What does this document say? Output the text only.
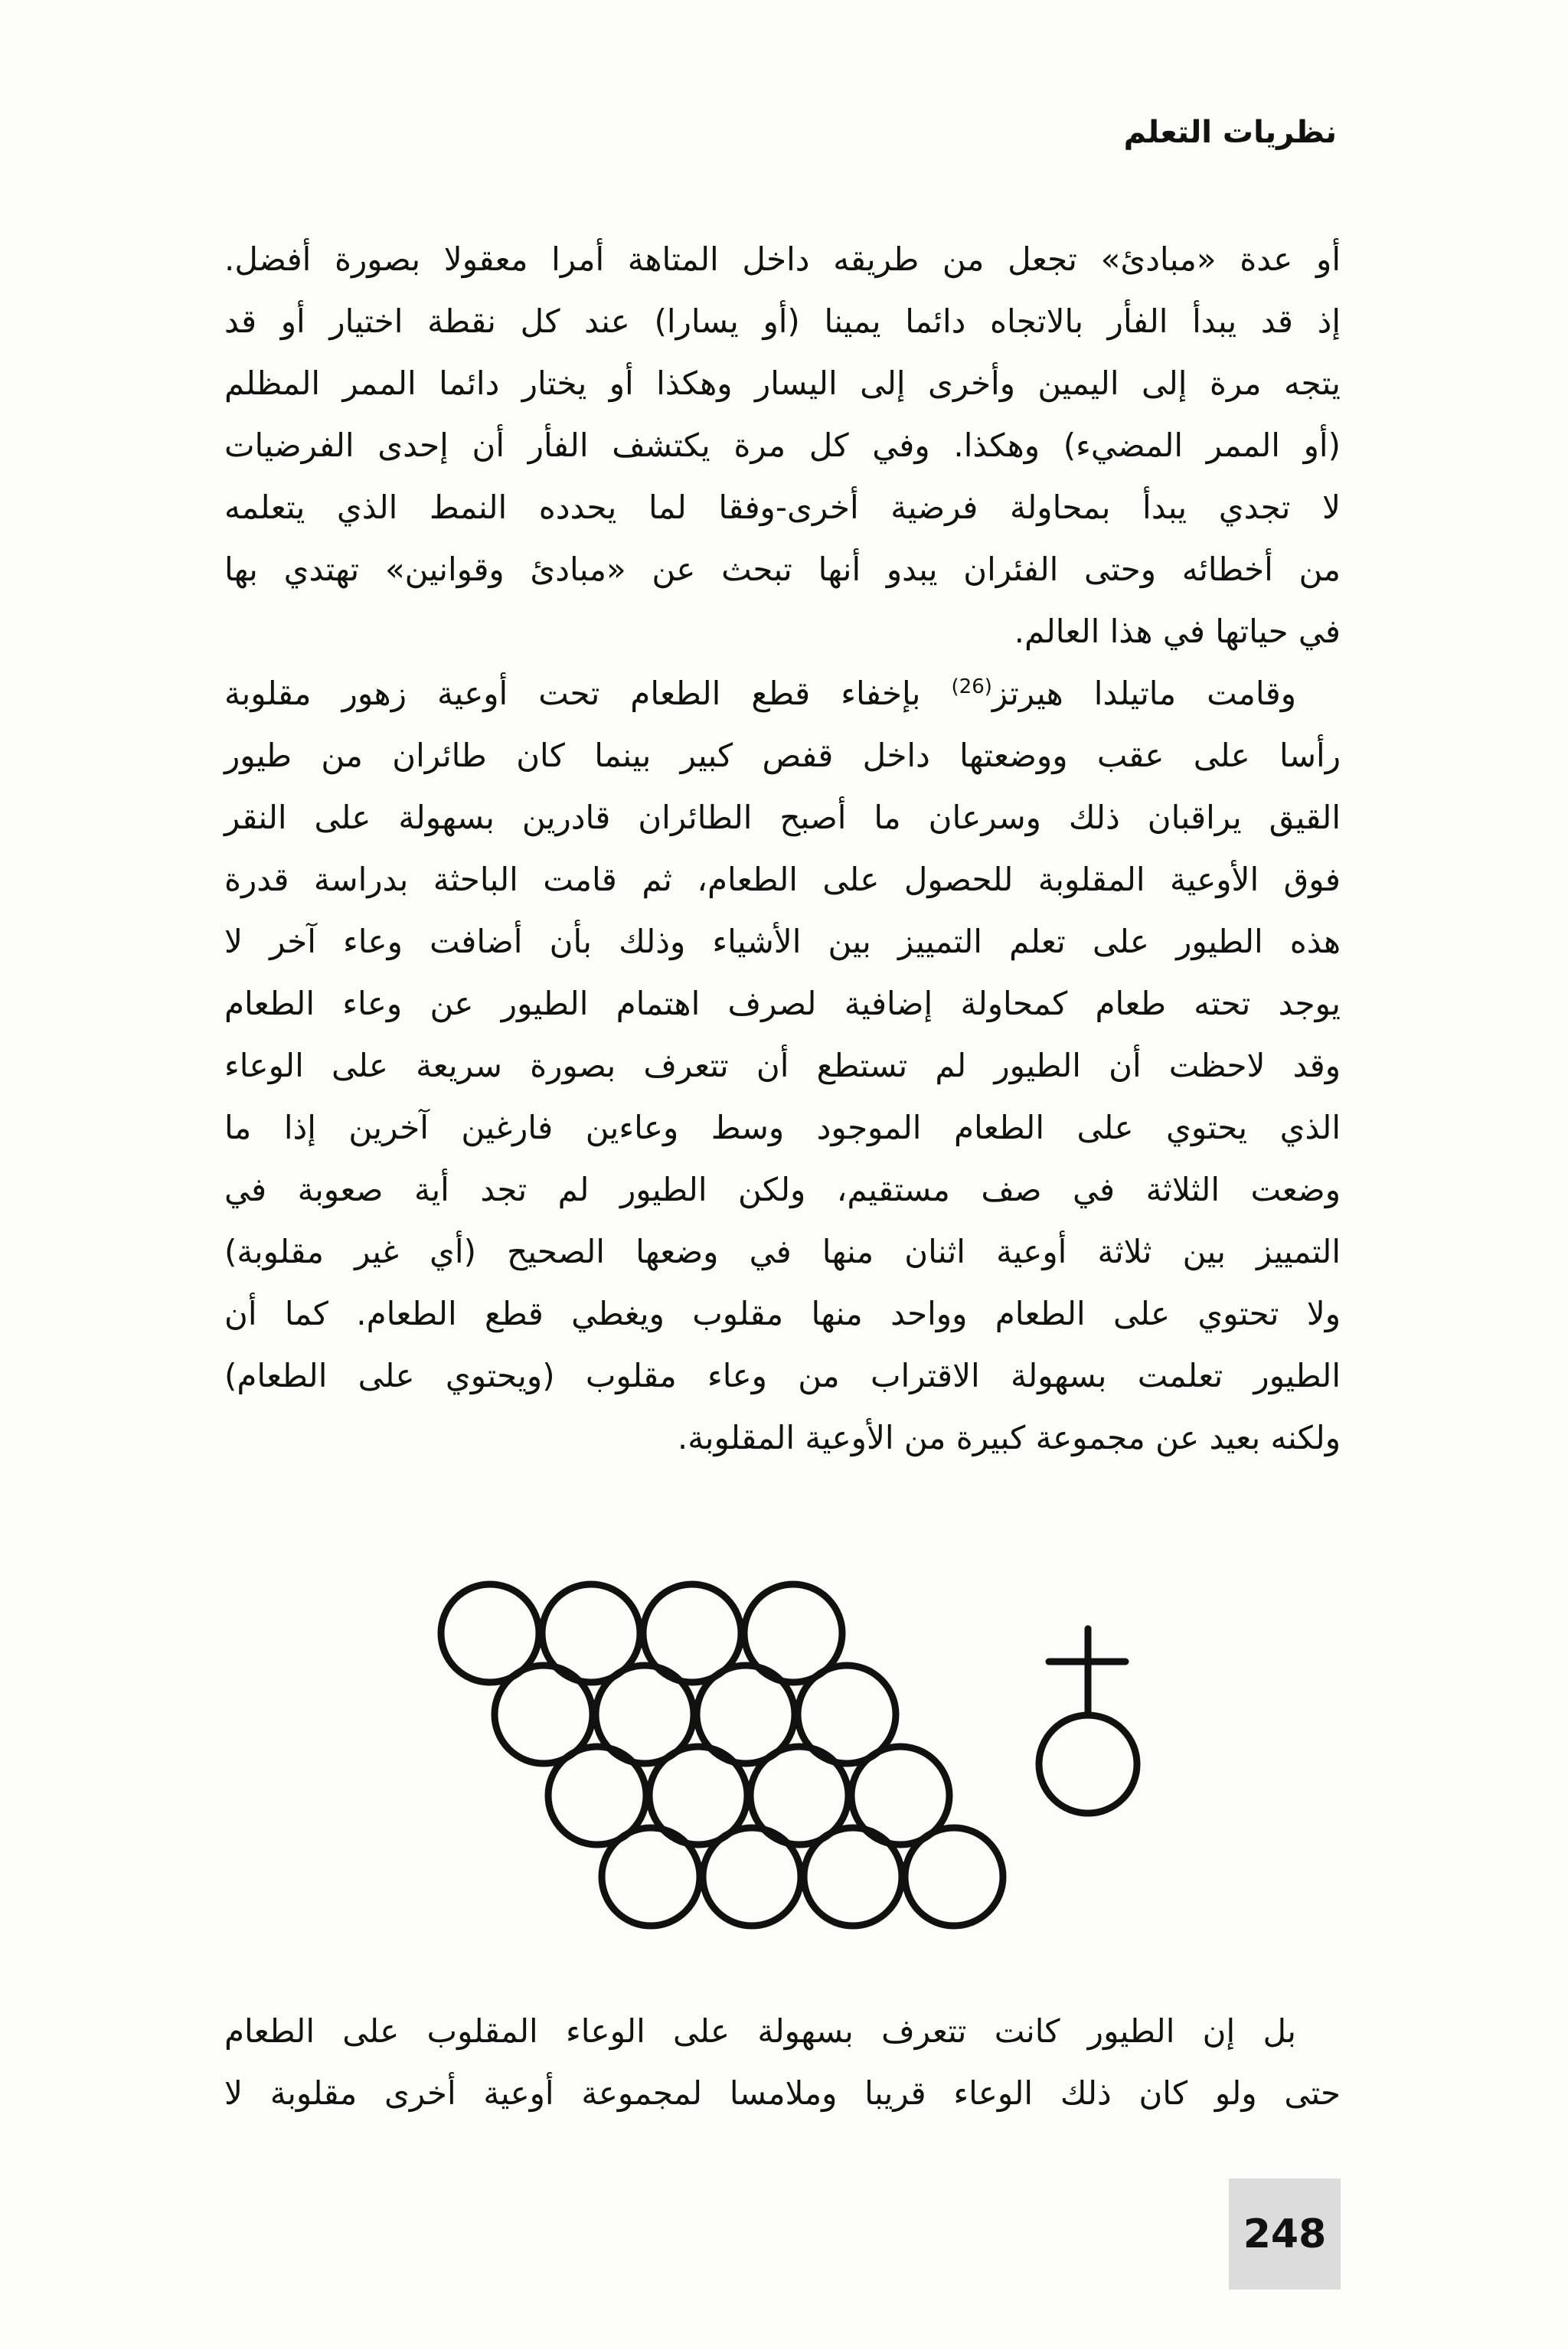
نظريات التعلم
أو عدة «مبادئ» تجعل من طريقه داخل المتاهة أمرا معقولا بصورة أفضل.
إذ قد يبدأ الفأر بالاتجاه دائما يمينا (أو يسارا) عند كل نقطة اختيار أو قد
يتجه مرة إلى اليمين وأخرى إلى اليسار وهكذا أو يختار دائما الممر المظلم
(أو الممر المضيء) وهكذا. وفي كل مرة يكتشف الفأر أن إحدى الفرضيات
لا تجدي يبدأ بمحاولة فرضية أخرى-وفقا لما يحدده النمط الذي يتعلمه
من أخطائه وحتى الفئران يبدو أنها تبحث عن «مبادئ وقوانين» تهتدي بها
في حياتها في هذا العالم.
وقامت ماتيلدا هيرتز$^{(26)}$ بإخفاء قطع الطعام تحت أوعية زهور مقلوبة
رأسا على عقب ووضعتها داخل قفص كبير بينما كان طائران من طيور
القيق يراقبان ذلك وسرعان ما أصبح الطائران قادرين بسهولة على النقر
فوق الأوعية المقلوبة للحصول على الطعام، ثم قامت الباحثة بدراسة قدرة
هذه الطيور على تعلم التمييز بين الأشياء وذلك بأن أضافت وعاء آخر لا
يوجد تحته طعام كمحاولة إضافية لصرف اهتمام الطيور عن وعاء الطعام
وقد لاحظت أن الطيور لم تستطع أن تتعرف بصورة سريعة على الوعاء
الذي يحتوي على الطعام الموجود وسط وعاءين فارغين آخرين إذا ما
وضعت الثلاثة في صف مستقيم، ولكن الطيور لم تجد أية صعوبة في
التمييز بين ثلاثة أوعية اثنان منها في وضعها الصحيح (أي غير مقلوبة)
ولا تحتوي على الطعام وواحد منها مقلوب ويغطي قطع الطعام. كما أن
الطيور تعلمت بسهولة الاقتراب من وعاء مقلوب (ويحتوي على الطعام)
ولكنه بعيد عن مجموعة كبيرة من الأوعية المقلوبة.
بل إن الطيور كانت تتعرف بسهولة على الوعاء المقلوب على الطعام
حتى ولو كان ذلك الوعاء قريبا وملامسا لمجموعة أوعية أخرى مقلوبة لا
248
